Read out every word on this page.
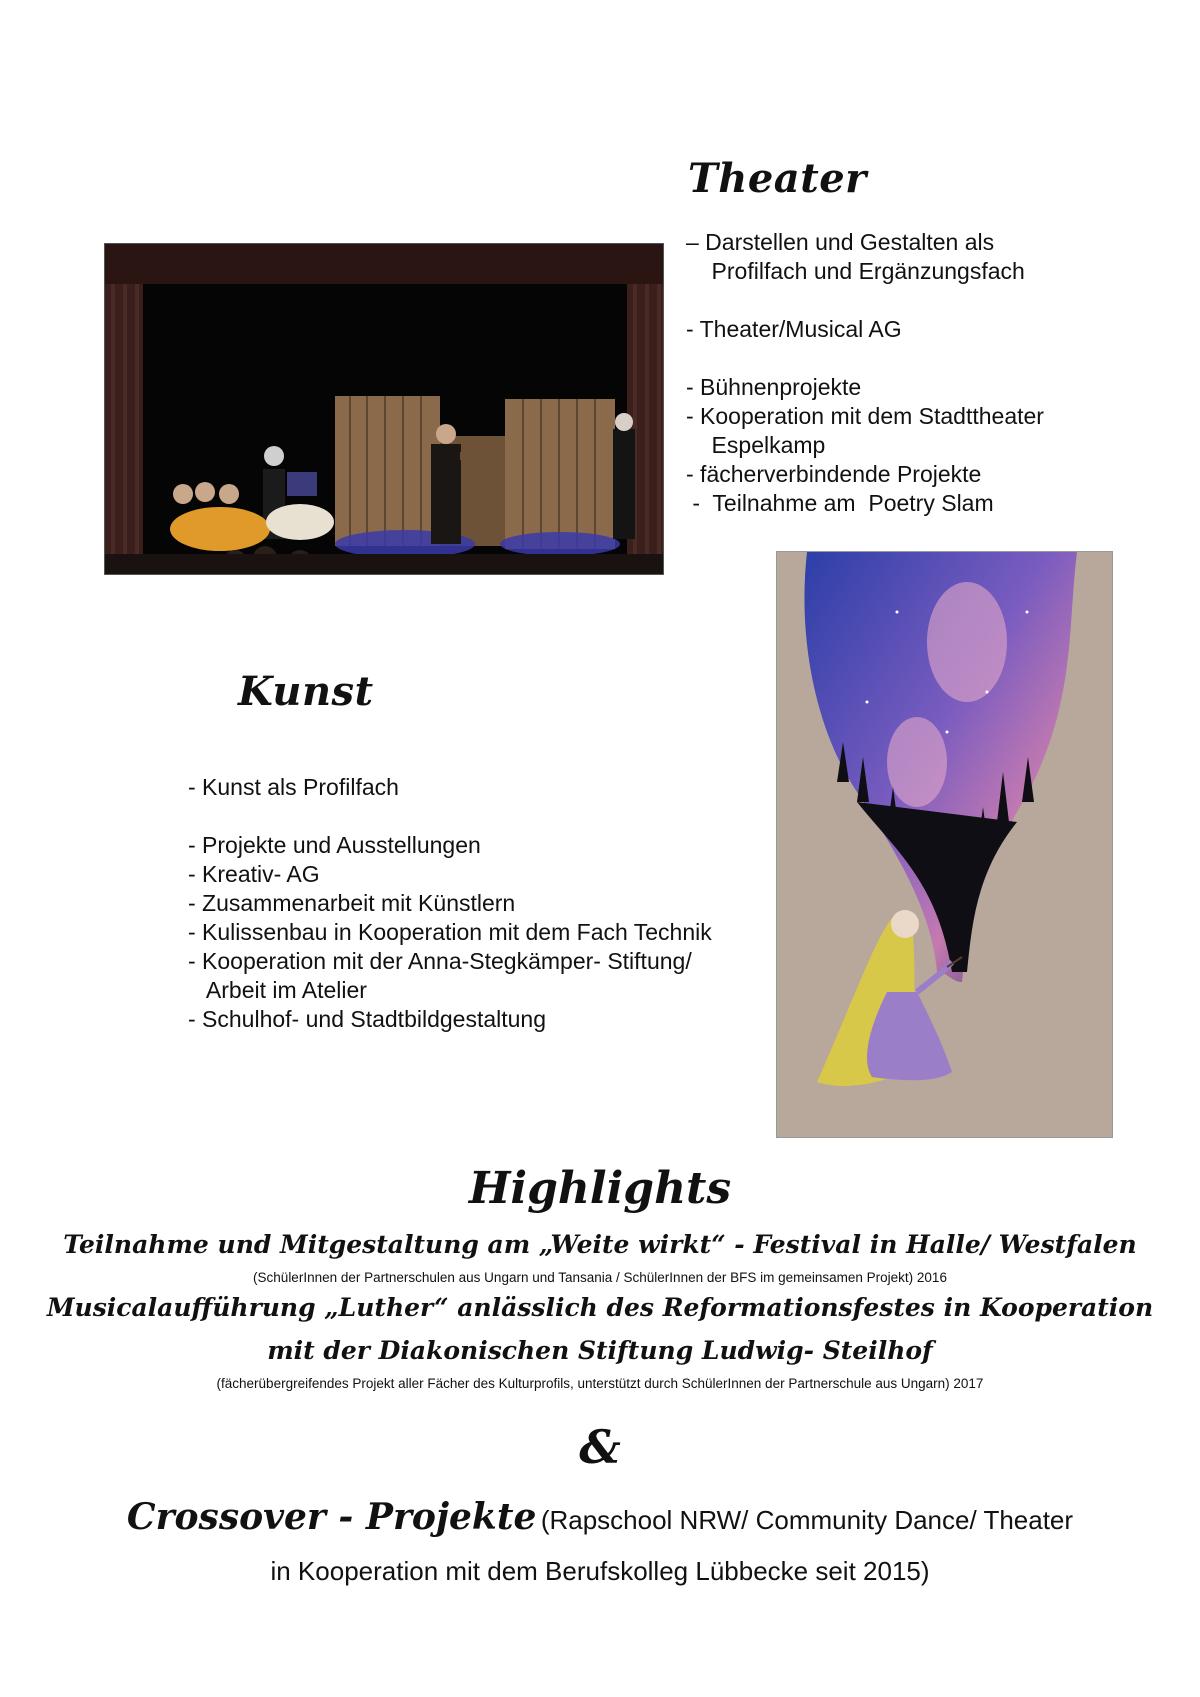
Theater
– Darstellen und Gestalten als
Profilfach und Ergänzungsfach
- Theater/Musical AG
- Bühnenprojekte
- Kooperation mit dem Stadttheater
Espelkamp
- fächerverbindende Projekte
-  Teilnahme am  Poetry Slam
Kunst
- Kunst als Profilfach
- Projekte und Ausstellungen
- Kreativ- AG
- Zusammenarbeit mit Künstlern
- Kulissenbau in Kooperation mit dem Fach Technik
- Kooperation mit der Anna-Stegkämper- Stiftung/
Arbeit im Atelier
- Schulhof- und Stadtbildgestaltung
Highlights
Teilnahme und Mitgestaltung am „Weite wirkt“ - Festival in Halle/ Westfalen
(SchülerInnen der Partnerschulen aus Ungarn und Tansania / SchülerInnen der BFS im gemeinsamen Projekt) 2016
Musicalaufführung „Luther“ anlässlich des Reformationsfestes in Kooperation
mit der Diakonischen Stiftung Ludwig- Steilhof
(fächerübergreifendes Projekt aller Fächer des Kulturprofils, unterstützt durch SchülerInnen der Partnerschule aus Ungarn) 2017
&
Crossover - Projekte (Rapschool NRW/ Community Dance/ Theater
in Kooperation mit dem Berufskolleg Lübbecke seit 2015)
